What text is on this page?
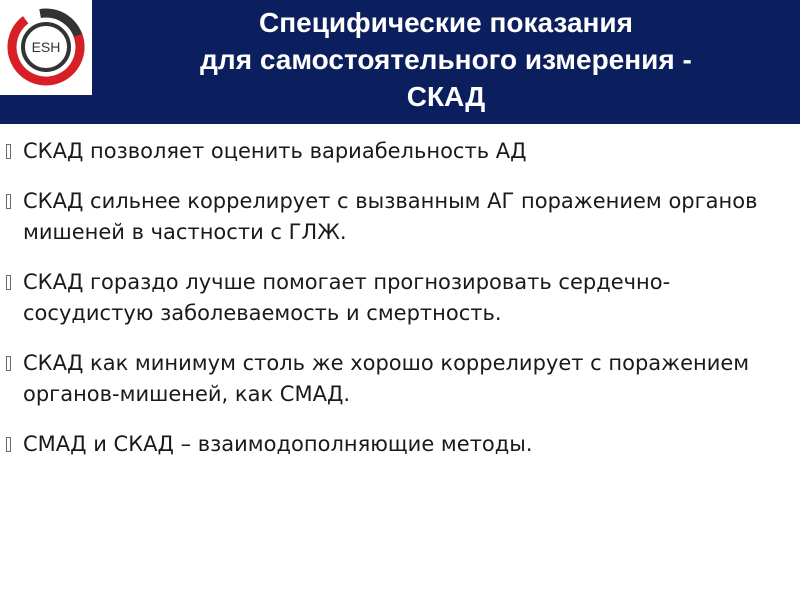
ESH
Специфические показания
для самостоятельного измерения -
СКАД
СКАД позволяет оценить вариабельность АД
СКАД сильнее коррелирует с вызванным АГ поражением органов мишеней в частности с ГЛЖ.
СКАД гораздо лучше помогает прогнозировать сердечно-сосудистую заболеваемость и смертность.
СКАД как минимум столь же хорошо коррелирует с поражением органов-мишеней, как СМАД.
СМАД и СКАД – взаимодополняющие методы.
